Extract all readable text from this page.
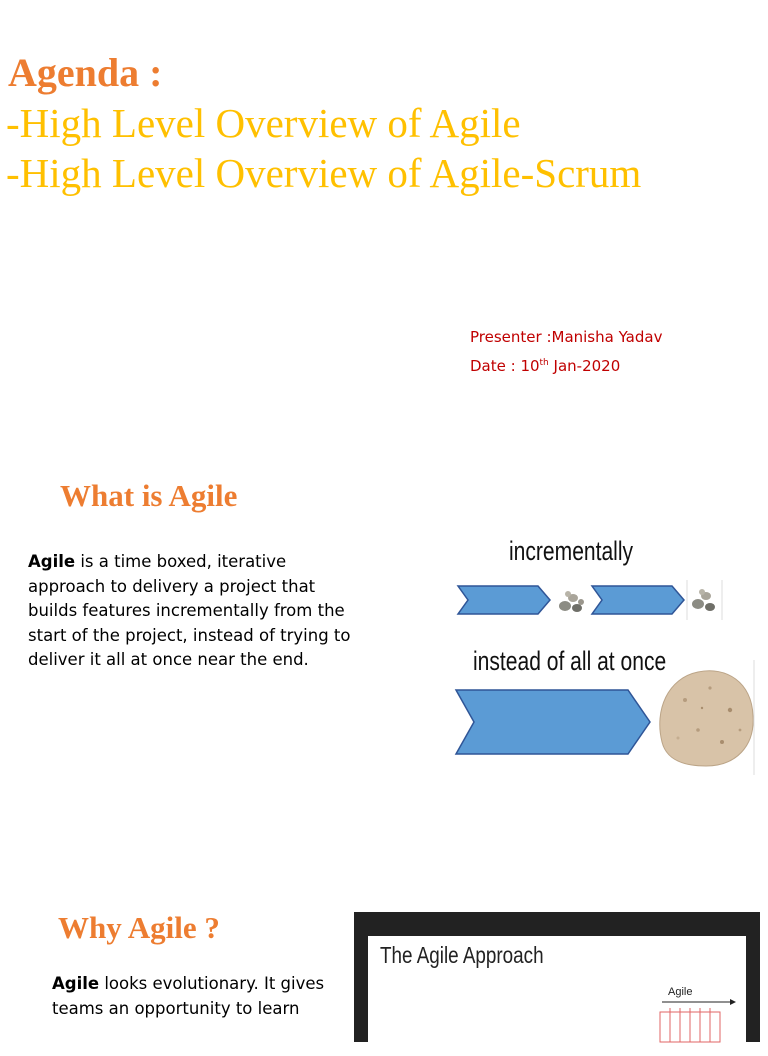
Agenda :

-High Level Overview of Agile

-High Level Overview of Agile-Scrum

Presenter :Manisha Yadav
Date : 10th Jan-2020
What is Agile

Agile is a time boxed, iterative approach to delivery a project that builds features incrementally from the start of the project, instead of trying to deliver it all at once near the end.

incrementally
instead of all at once
Why Agile ?

Agile looks evolutionary. It gives teams an opportunity to learn

The Agile Approach
Agile
